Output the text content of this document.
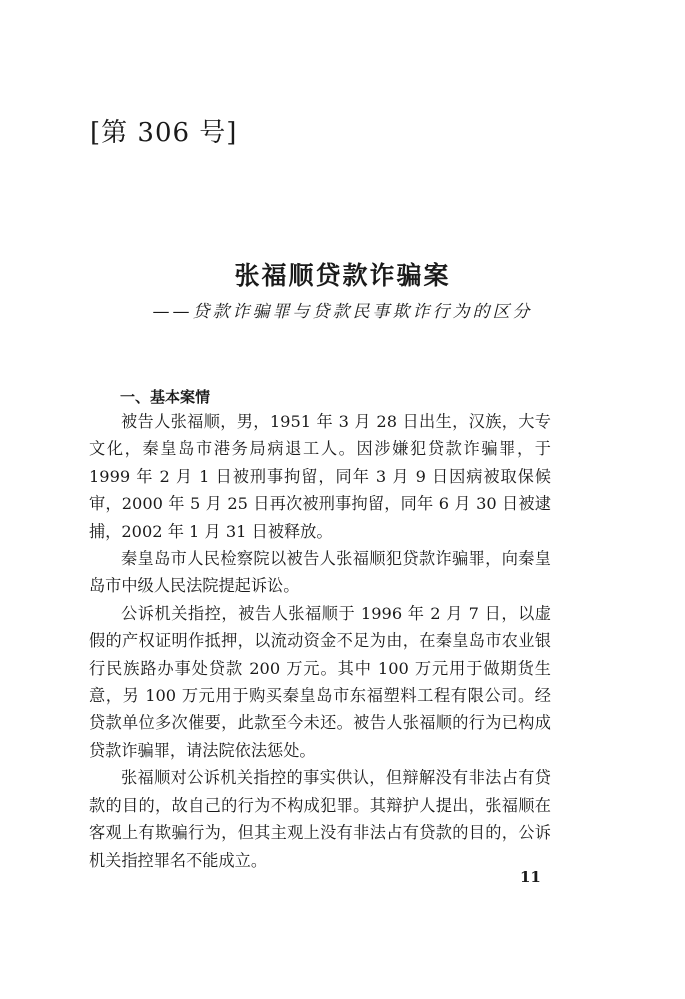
[第 306 号]
张福顺贷款诈骗案
——贷款诈骗罪与贷款民事欺诈行为的区分
一、基本案情

被告人张福顺，男，1951 年 3 月 28 日出生，汉族，大专文化，秦皇岛市港务局病退工人。因涉嫌犯贷款诈骗罪，于 1999 年 2 月 1 日被刑事拘留，同年 3 月 9 日因病被取保候审，2000 年 5 月 25 日再次被刑事拘留，同年 6 月 30 日被逮捕，2002 年 1 月 31 日被释放。

秦皇岛市人民检察院以被告人张福顺犯贷款诈骗罪，向秦皇岛市中级人民法院提起诉讼。

公诉机关指控，被告人张福顺于 1996 年 2 月 7 日，以虚假的产权证明作抵押，以流动资金不足为由，在秦皇岛市农业银行民族路办事处贷款 200 万元。其中 100 万元用于做期货生意，另 100 万元用于购买秦皇岛市东福塑料工程有限公司。经贷款单位多次催要，此款至今未还。被告人张福顺的行为已构成贷款诈骗罪，请法院依法惩处。

张福顺对公诉机关指控的事实供认，但辩解没有非法占有贷款的目的，故自己的行为不构成犯罪。其辩护人提出，张福顺在客观上有欺骗行为，但其主观上没有非法占有贷款的目的，公诉机关指控罪名不能成立。

11
